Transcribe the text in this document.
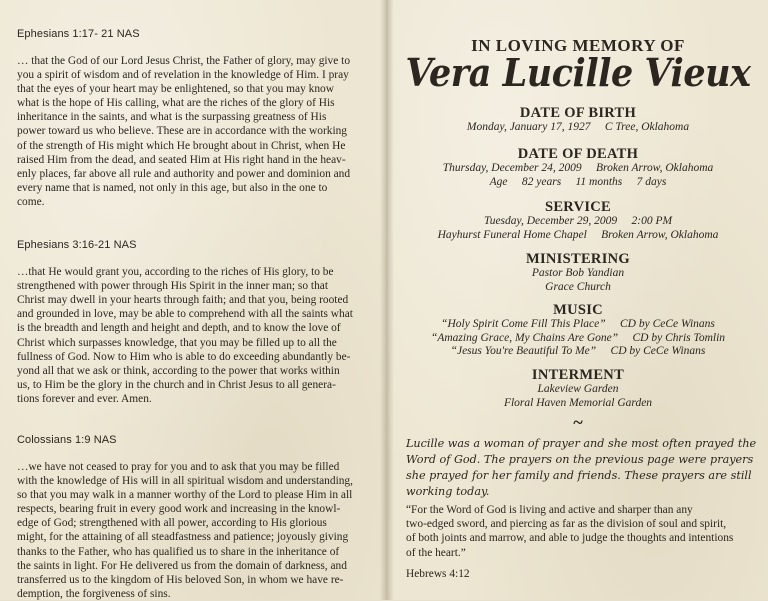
Ephesians 1:17- 21 NAS

… that the God of our Lord Jesus Christ, the Father of glory, may give to
you a spirit of wisdom and of revelation in the knowledge of Him. I pray
that the eyes of your heart may be enlightened, so that you may know
what is the hope of His calling, what are the riches of the glory of His
inheritance in the saints, and what is the surpassing greatness of His
power toward us who believe. These are in accordance with the working
of the strength of His might which He brought about in Christ, when He
raised Him from the dead, and seated Him at His right hand in the heav-
enly places, far above all rule and authority and power and dominion and
every name that is named, not only in this age, but also in the one to
come.

Ephesians 3:16-21 NAS

…that He would grant you, according to the riches of His glory, to be
strengthened with power through His Spirit in the inner man; so that
Christ may dwell in your hearts through faith; and that you, being rooted
and grounded in love, may be able to comprehend with all the saints what
is the breadth and length and height and depth, and to know the love of
Christ which surpasses knowledge, that you may be filled up to all the
fullness of God. Now to Him who is able to do exceeding abundantly be-
yond all that we ask or think, according to the power that works within
us, to Him be the glory in the church and in Christ Jesus to all genera-
tions forever and ever. Amen.

Colossians 1:9 NAS

…we have not ceased to pray for you and to ask that you may be filled
with the knowledge of His will in all spiritual wisdom and understanding,
so that you may walk in a manner worthy of the Lord to please Him in all
respects, bearing fruit in every good work and increasing in the knowl-
edge of God; strengthened with all power, according to His glorious
might, for the attaining of all steadfastness and patience; joyously giving
thanks to the Father, who has qualified us to share in the inheritance of
the saints in light. For He delivered us from the domain of darkness, and
transferred us to the kingdom of His beloved Son, in whom we have re-
demption, the forgiveness of sins.

IN LOVING MEMORY OF
Vera Lucille Vieux
DATE OF BIRTH
Monday, January 17, 1927     C Tree, Oklahoma
DATE OF DEATH
Thursday, December 24, 2009     Broken Arrow, Oklahoma
Age     82 years     11 months     7 days
SERVICE
Tuesday, December 29, 2009     2:00 PM
Hayhurst Funeral Home Chapel     Broken Arrow, Oklahoma
MINISTERING
Pastor Bob Yandian
Grace Church
MUSIC
“Holy Spirit Come Fill This Place”     CD by CeCe Winans
“Amazing Grace, My Chains Are Gone”     CD by Chris Tomlin
“Jesus You're Beautiful To Me”     CD by CeCe Winans
INTERMENT
Lakeview Garden
Floral Haven Memorial Garden
~
Lucille was a woman of prayer and she most often prayed the
Word of God. The prayers on the previous page were prayers
she prayed for her family and friends. These prayers are still
working today.
“For the Word of God is living and active and sharper than any
two-edged sword, and piercing as far as the division of soul and spirit,
of both joints and marrow, and able to judge the thoughts and intentions
of the heart.”
Hebrews 4:12
